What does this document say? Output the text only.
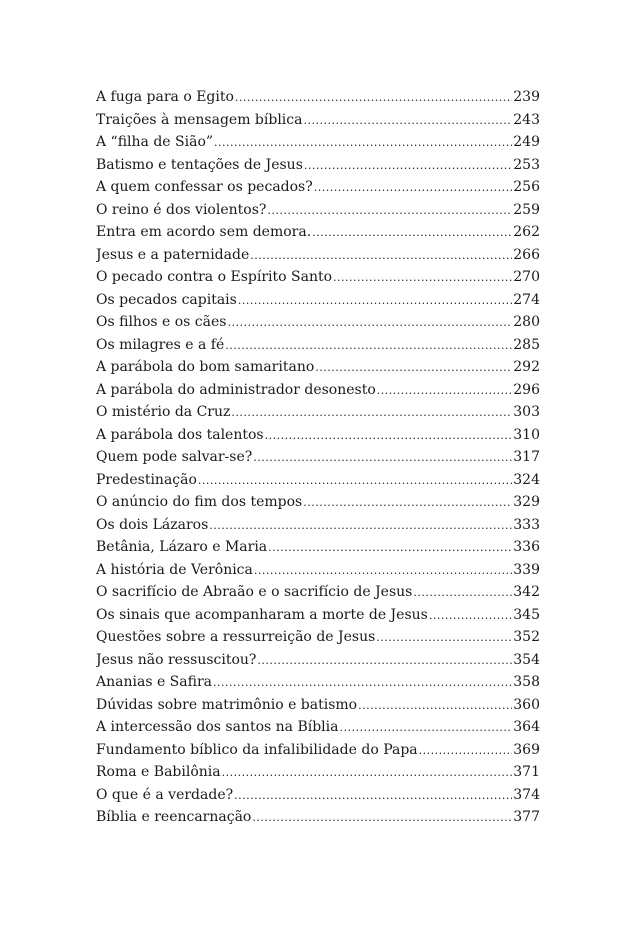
A fuga para o Egito .....	239
Traições à mensagem bíblica .....	243
A “filha de Sião” .....	249
Batismo e tentações de Jesus .....	253
A quem confessar os pecados? .....	256
O reino é dos violentos? .....	259
Entra em acordo sem demora. .....	262
Jesus e a paternidade .....	266
O pecado contra o Espírito Santo .....	270
Os pecados capitais .....	274
Os filhos e os cães .....	280
Os milagres e a fé .....	285
A parábola do bom samaritano .....	292
A parábola do administrador desonesto .....	296
O mistério da Cruz .....	303
A parábola dos talentos .....	310
Quem pode salvar-se? .....	317
Predestinação .....	324
O anúncio do fim dos tempos .....	329
Os dois Lázaros .....	333
Betânia, Lázaro e Maria .....	336
A história de Verônica .....	339
O sacrifício de Abraão e o sacrifício de Jesus .....	342
Os sinais que acompanharam a morte de Jesus .....	345
Questões sobre a ressurreição de Jesus .....	352
Jesus não ressuscitou? .....	354
Ananias e Safira .....	358
Dúvidas sobre matrimônio e batismo .....	360
A intercessão dos santos na Bíblia .....	364
Fundamento bíblico da infalibilidade do Papa .....	369
Roma e Babilônia .....	371
O que é a verdade? .....	374
Bíblia e reencarnação .....	377
